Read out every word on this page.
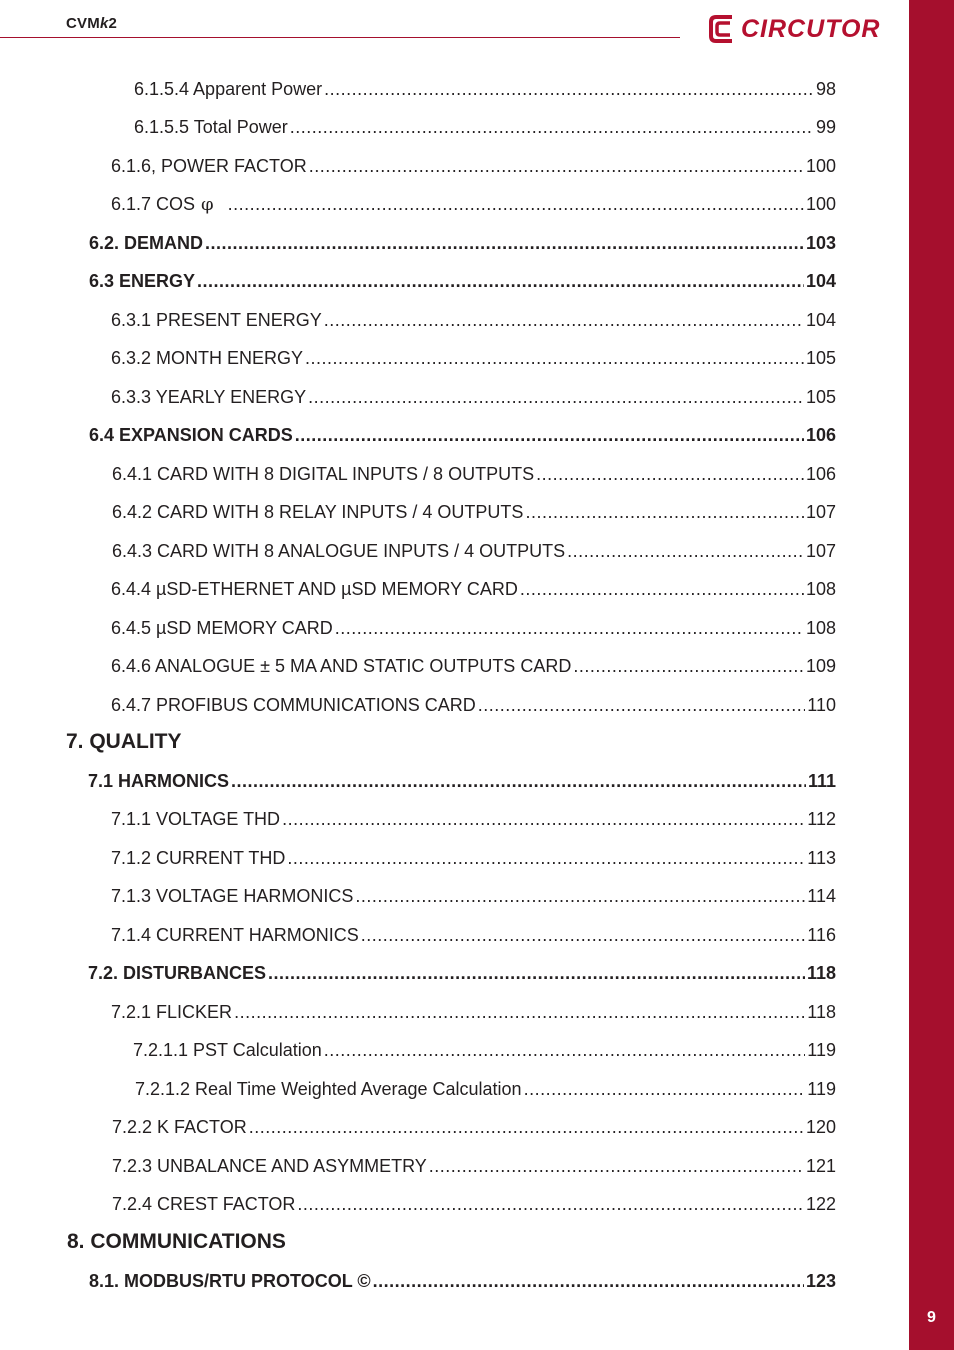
CVMk2	CIRCUTOR
9
6.1.5.4 Apparent Power .....	98
6.1.5.5 Total Power .....	99
6.1.6, POWER FACTOR .....	100
6.1.7 COS φ .....	100
6.2. DEMAND .....	103
6.3 ENERGY .....	104
6.3.1 PRESENT ENERGY .....	104
6.3.2 MONTH ENERGY .....	105
6.3.3 YEARLY ENERGY .....	105
6.4 EXPANSION CARDS .....	106
6.4.1 CARD WITH 8 DIGITAL INPUTS / 8 OUTPUTS .....	106
6.4.2 CARD WITH 8 RELAY INPUTS / 4 OUTPUTS .....	107
6.4.3 CARD WITH 8 ANALOGUE INPUTS / 4 OUTPUTS .....	107
6.4.4 µSD-ETHERNET AND µSD MEMORY CARD .....	108
6.4.5 µSD MEMORY CARD .....	108
6.4.6 ANALOGUE ± 5 MA AND STATIC OUTPUTS CARD .....	109
6.4.7 PROFIBUS COMMUNICATIONS CARD .....	110
7. QUALITY
7.1 HARMONICS .....	111
7.1.1 VOLTAGE THD .....	112
7.1.2 CURRENT THD .....	113
7.1.3 VOLTAGE HARMONICS .....	114
7.1.4 CURRENT HARMONICS .....	116
7.2. DISTURBANCES .....	118
7.2.1 FLICKER .....	118
7.2.1.1 PST Calculation .....	119
7.2.1.2 Real Time Weighted Average Calculation .....	119
7.2.2 K FACTOR .....	120
7.2.3 UNBALANCE AND ASYMMETRY .....	121
7.2.4 CREST FACTOR .....	122
8. COMMUNICATIONS
8.1. MODBUS/RTU PROTOCOL © .....	123
